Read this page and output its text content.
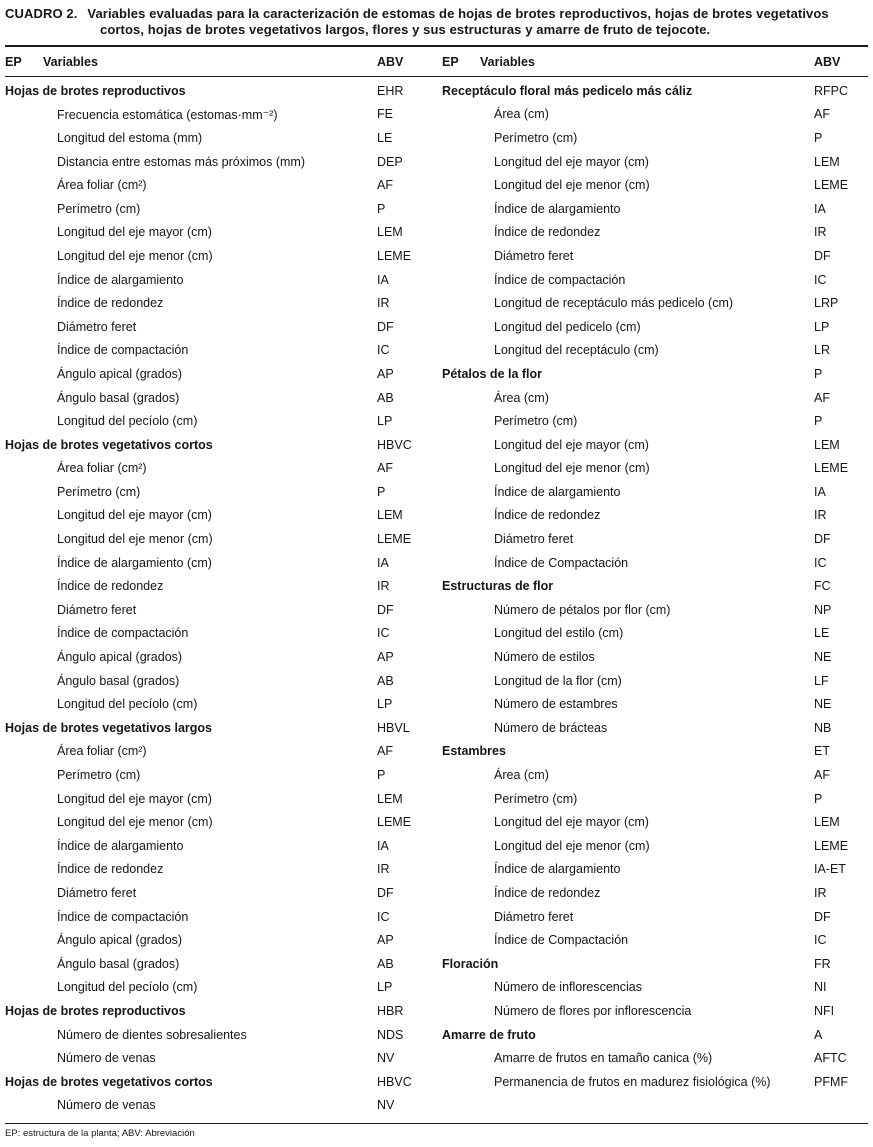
CUADRO 2. Variables evaluadas para la caracterización de estomas de hojas de brotes reproductivos, hojas de brotes vegetativos cortos, hojas de brotes vegetativos largos, flores y sus estructuras y amarre de fruto de tejocote.
EP Variables	ABV	EP Variables	ABV
Hojas de brotes reproductivos	EHR
Frecuencia estomática (estomas·mm⁻²)	FE
Longitud del estoma (mm)	LE
Distancia entre estomas más próximos (mm)	DEP
Área foliar (cm²)	AF
Perímetro (cm)	P
Longitud del eje mayor (cm)	LEM
Longitud del eje menor (cm)	LEME
Índice de alargamiento	IA
Índice de redondez	IR
Diámetro feret	DF
Índice de compactación	IC
Ángulo apical (grados)	AP
Ángulo basal (grados)	AB
Longitud del pecíolo (cm)	LP
Hojas de brotes vegetativos cortos	HBVC
Área foliar (cm²)	AF
Perímetro (cm)	P
Longitud del eje mayor (cm)	LEM
Longitud del eje menor (cm)	LEME
Índice de alargamiento (cm)	IA
Índice de redondez	IR
Diámetro feret	DF
Índice de compactación	IC
Ángulo apical (grados)	AP
Ángulo basal (grados)	AB
Longitud del pecíolo (cm)	LP
Hojas de brotes vegetativos largos	HBVL
Área foliar (cm²)	AF
Perímetro (cm)	P
Longitud del eje mayor (cm)	LEM
Longitud del eje menor (cm)	LEME
Índice de alargamiento	IA
Índice de redondez	IR
Diámetro feret	DF
Índice de compactación	IC
Ángulo apical (grados)	AP
Ángulo basal (grados)	AB
Longitud del pecíolo (cm)	LP
Hojas de brotes reproductivos	HBR
Número de dientes sobresalientes	NDS
Número de venas	NV
Hojas de brotes vegetativos cortos	HBVC
Número de venas	NV
Receptáculo floral más pedicelo más cáliz	RFPC
Área (cm)	AF
Perímetro (cm)	P
Longitud del eje mayor (cm)	LEM
Longitud del eje menor (cm)	LEME
Índice de alargamiento	IA
Índice de redondez	IR
Diámetro feret	DF
Índice de compactación	IC
Longitud de receptáculo más pedicelo (cm)	LRP
Longitud del pedicelo (cm)	LP
Longitud del receptáculo (cm)	LR
Pétalos de la flor	P
Área (cm)	AF
Perímetro (cm)	P
Longitud del eje mayor (cm)	LEM
Longitud del eje menor (cm)	LEME
Índice de alargamiento	IA
Índice de redondez	IR
Diámetro feret	DF
Índice de Compactación	IC
Estructuras de flor	FC
Número de pétalos por flor (cm)	NP
Longitud del estilo (cm)	LE
Número de estilos	NE
Longitud de la flor (cm)	LF
Número de estambres	NE
Número de brácteas	NB
Estambres	ET
Área (cm)	AF
Perímetro (cm)	P
Longitud del eje mayor (cm)	LEM
Longitud del eje menor (cm)	LEME
Índice de alargamiento	IA-ET
Índice de redondez	IR
Diámetro feret	DF
Índice de Compactación	IC
Floración	FR
Número de inflorescencias	NI
Número de flores por inflorescencia	NFI
Amarre de fruto	A
Amarre de frutos en tamaño canica (%)	AFTC
Permanencia de frutos en madurez fisiológica (%)	PFMF
EP: estructura de la planta; ABV: Abreviación
